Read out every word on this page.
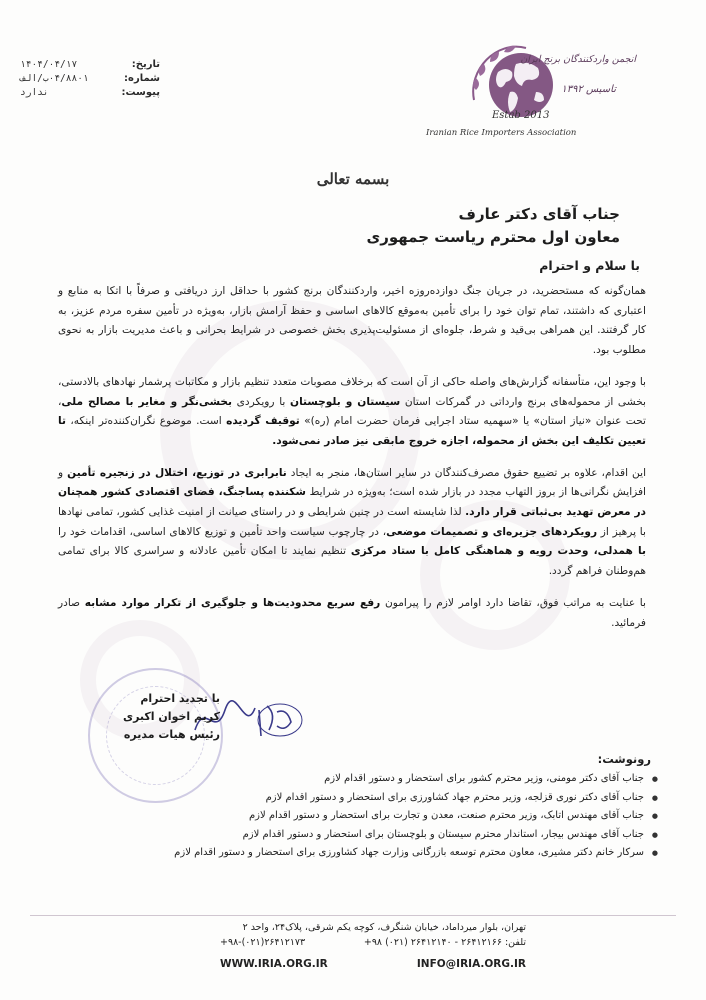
تاریخ:
۱۴۰۴/۰۴/۱۷
شماره:
۰۴/۸۸۰۱ب/الف
پیوست:
ندارد
انجمن واردکنندگان برنج ایران
تاسیس ۱۳۹۲
Estab 2013
Iranian Rice Importers Association
بسمه تعالی
جناب آقای دکتر عارف
معاون اول محترم ریاست جمهوری
با سلام و احترام

همان‌گونه که مستحضرید، در جریان جنگ دوازده‌روزه اخیر، واردکنندگان برنج کشور با حداقل ارز دریافتی و صرفاً با اتکا به منابع و اعتباری که داشتند، تمام توان خود را برای تأمین به‌موقع کالاهای اساسی و حفظ آرامش بازار، به‌ویژه در تأمین سفره مردم عزیز، به کار گرفتند. این همراهی بی‌قید و شرط، جلوه‌ای از مسئولیت‌پذیری بخش خصوصی در شرایط بحرانی و باعث مدیریت بازار به نحوی مطلوب بود.

با وجود این، متأسفانه گزارش‌های واصله حاکی از آن است که برخلاف مصوبات متعدد تنظیم بازار و مکاتبات پرشمار نهادهای بالادستی، بخشی از محموله‌های برنج وارداتی در گمرکات استان سیستان و بلوچستان با رویکردی بخشی‌نگر و مغایر با مصالح ملی، تحت عنوان «نیاز استان» یا «سهمیه ستاد اجرایی فرمان حضرت امام (ره)» توقیف گردیده است. موضوع نگران‌کننده‌تر اینکه، تا تعیین تکلیف این بخش از محموله، اجازه خروج مابقی نیز صادر نمی‌شود.

این اقدام، علاوه بر تضییع حقوق مصرف‌کنندگان در سایر استان‌ها، منجر به ایجاد نابرابری در توزیع، اختلال در زنجیره تأمین و افزایش نگرانی‌ها از بروز التهاب مجدد در بازار شده است؛ به‌ویژه در شرایط شکننده پساجنگ، فضای اقتصادی کشور همچنان در معرض تهدید بی‌ثباتی قرار دارد. لذا شایسته است در چنین شرایطی و در راستای صیانت از امنیت غذایی کشور، تمامی نهادها با پرهیز از رویکردهای جزیره‌ای و تصمیمات موضعی، در چارچوب سیاست واحد تأمین و توزیع کالاهای اساسی، اقدامات خود را با همدلی، وحدت رویه و هماهنگی کامل با ستاد مرکزی تنظیم نمایند تا امکان تأمین عادلانه و سراسری کالا برای تمامی هم‌وطنان فراهم گردد.

با عنایت به مراتب فوق، تقاضا دارد اوامر لازم را پیرامون رفع سریع محدودیت‌ها و جلوگیری از تکرار موارد مشابه صادر فرمائید.

با تجدید احترام
کریم اخوان اکبری
رئیس هیات مدیره
رونوشت:
● جناب آقای دکتر مومنی، وزیر محترم کشور برای استحضار و دستور اقدام لازم
● جناب آقای دکتر نوری قزلجه، وزیر محترم جهاد کشاورزی برای استحضار و دستور اقدام لازم
● جناب آقای مهندس اتابک، وزیر محترم صنعت، معدن و تجارت برای استحضار و دستور اقدام لازم
● جناب آقای مهندس بیجار، استاندار محترم سیستان و بلوچستان برای استحضار و دستور اقدام لازم
● سرکار خانم دکتر مشیری، معاون محترم توسعه بازرگانی وزارت جهاد کشاورزی برای استحضار و دستور اقدام لازم
تهران، بلوار میرداماد، خیابان شنگرف، کوچه یکم شرقی، پلاک۲۴، واحد ۲
تلفن: ۲۶۴۱۲۱۶۶ - ۲۶۴۱۲۱۴۰ (۰۲۱) ۹۸+
+۹۸-(۰۲۱)۲۶۴۱۲۱۷۳
WWW.IRIA.ORG.IR	INFO@IRIA.ORG.IR
